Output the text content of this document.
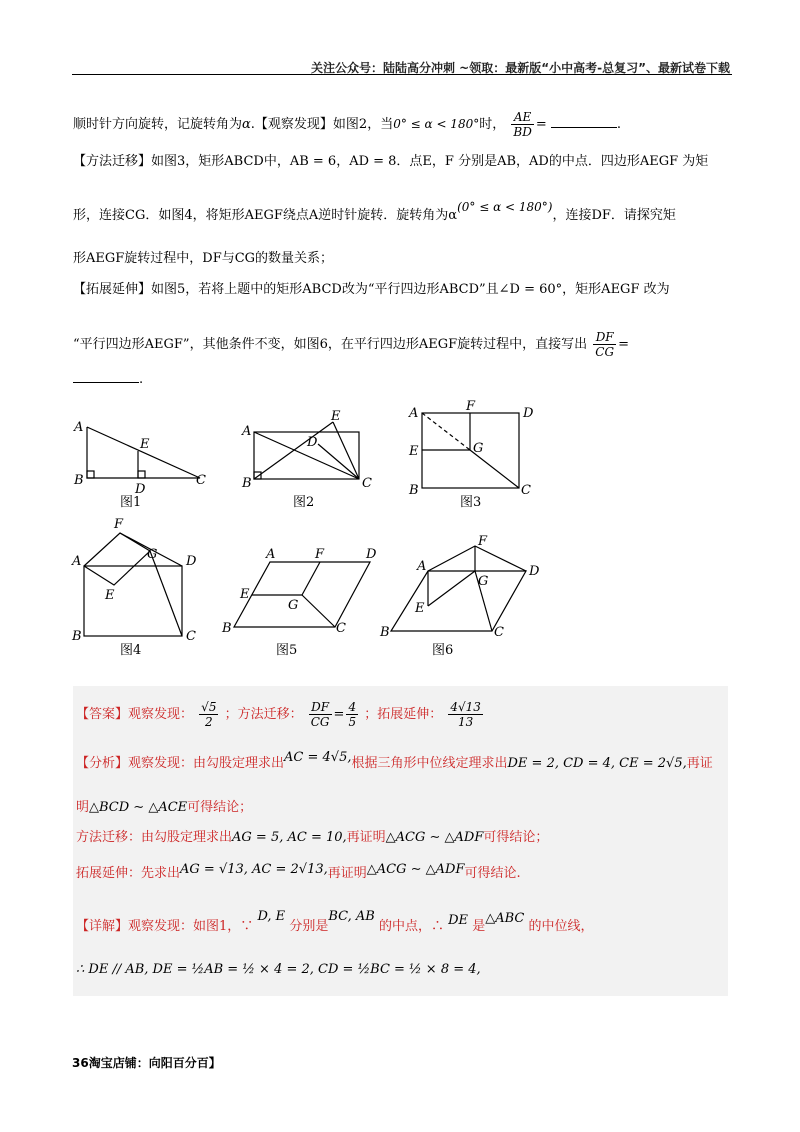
关注公众号：陆陆高分冲刺 ~领取：最新版“小中高考-总复习”、最新试卷下载
顺时针方向旋转，记旋转角为α.【观察发现】如图2，当0° ≤ α < 180°时， $\frac{AE}{BD}$ =	.
【方法迁移】如图3，矩形ABCD中，AB = 6，AD = 8．点E，F 分别是AB，AD的中点．四边形AEGF 为矩
形，连接CG．如图4，将矩形AEGF绕点A逆时针旋转．旋转角为α(0° ≤ α < 180°)，连接DF．请探究矩
形AEGF旋转过程中，DF与CG的数量关系；
【拓展延伸】如图5，若将上题中的矩形ABCD改为“平行四边形ABCD”且∠D = 60°，矩形AEGF 改为
“平行四边形AEGF”，其他条件不变，如图6，在平行四边形AEGF旋转过程中，直接写出 $\frac{DF}{CG}$ =
.
A
E
B
D
C
图1
A
E
D
B	C
图2
A	F	D
G
E
B	C
图3
F
A	G D
E
B	C
图4
A	F	D
E
G
B	C
图5
F
A
G
D
E
B	C
图6
【答案】观察发现： $\frac{√5}{2}$ ；方法迁移： $\frac{DF}{CG} = \frac{4}{5}$ ；拓展延伸： $\frac{4√13}{13}$
【分析】观察发现：由勾股定理求出AC = 4√5,根据三角形中位线定理求出DE = 2, CD = 4, CE = 2√5,再证
明△BCD ∼ △ACE可得结论；
方法迁移：由勾股定理求出AG = 5, AC = 10,再证明△ACG ∼ △ADF可得结论；
拓展延伸：先求出AG = √13, AC = 2√13,再证明△ACG ∼ △ADF可得结论.
【详解】观察发现：如图1，∵ D, E 分别是BC, AB 的中点，∴ DE 是△ABC 的中位线，
∴ DE // AB, DE = ½AB = ½ × 4 = 2, CD = ½BC = ½ × 8 = 4,
36淘宝店铺：向阳百分百】
